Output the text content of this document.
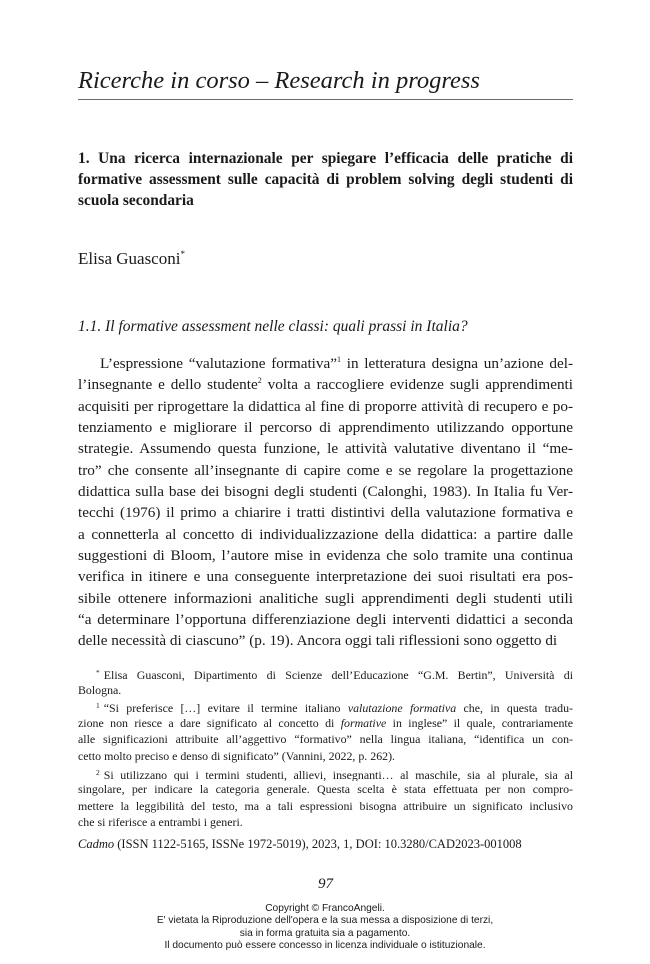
Ricerche in corso – Research in progress
1. Una ricerca internazionale per spiegare l’efficacia delle pratiche di formative assessment sulle capacità di problem solving degli studenti di scuola secondaria
Elisa Guasconi*
1.1. Il formative assessment nelle classi: quali prassi in Italia?
L’espressione “valutazione formativa”$^1$ in letteratura designa un’azione del-
l’insegnante e dello studente$^2$ volta a raccogliere evidenze sugli apprendimenti
acquisiti per riprogettare la didattica al fine di proporre attività di recupero e po-
tenziamento e migliorare il percorso di apprendimento utilizzando opportune
strategie. Assumendo questa funzione, le attività valutative diventano il “me-
tro” che consente all’insegnante di capire come e se regolare la progettazione
didattica sulla base dei bisogni degli studenti (Calonghi, 1983). In Italia fu Ver-
tecchi (1976) il primo a chiarire i tratti distintivi della valutazione formativa e
a connetterla al concetto di individualizzazione della didattica: a partire dalle
suggestioni di Bloom, l’autore mise in evidenza che solo tramite una continua
verifica in itinere e una conseguente interpretazione dei suoi risultati era pos-
sibile ottenere informazioni analitiche sugli apprendimenti degli studenti utili
“a determinare l’opportuna differenziazione degli interventi didattici a seconda
delle necessità di ciascuno” (p. 19). Ancora oggi tali riflessioni sono oggetto di
* Elisa Guasconi, Dipartimento di Scienze dell’Educazione “G.M. Bertin”, Università di
Bologna.
$^1$ “Si preferisce […] evitare il termine italiano valutazione formativa che, in questa tradu-
zione non riesce a dare significato al concetto di formative in inglese” il quale, contrariamente
alle significazioni attribuite all’aggettivo “formativo” nella lingua italiana, “identifica un con-
cetto molto preciso e denso di significato” (Vannini, 2022, p. 262).
$^2$ Si utilizzano qui i termini studenti, allievi, insegnanti… al maschile, sia al plurale, sia al
singolare, per indicare la categoria generale. Questa scelta è stata effettuata per non compro-
mettere la leggibilità del testo, ma a tali espressioni bisogna attribuire un significato inclusivo
che si riferisce a entrambi i generi.
Cadmo (ISSN 1122-5165, ISSNe 1972-5019), 2023, 1, DOI: 10.3280/CAD2023-001008
97
Copyright © FrancoAngeli.
E' vietata la Riproduzione dell'opera e la sua messa a disposizione di terzi,
sia in forma gratuita sia a pagamento.
Il documento può essere concesso in licenza individuale o istituzionale.
